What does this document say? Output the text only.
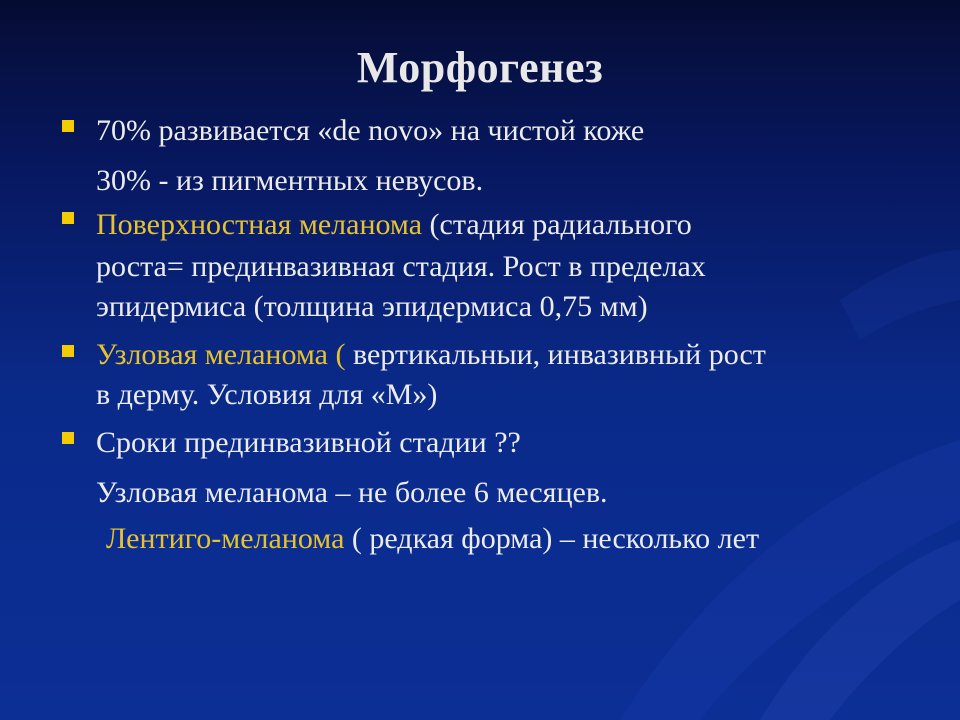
Морфогенез

70% развивается «de novo» на чистой коже

30% - из пигментных невусов.

Поверхностная меланома (стадия радиального

роста= прединвазивная стадия. Рост в пределах

эпидермиса (толщина эпидермиса 0,75 мм)

Узловая меланома ( вертикальныи, инвазивный рост

в дерму. Условия для «М»)

Сроки прединвазивной стадии ??

Узловая меланома – не более 6 месяцев.

Лентиго-меланома ( редкая форма) – несколько лет
